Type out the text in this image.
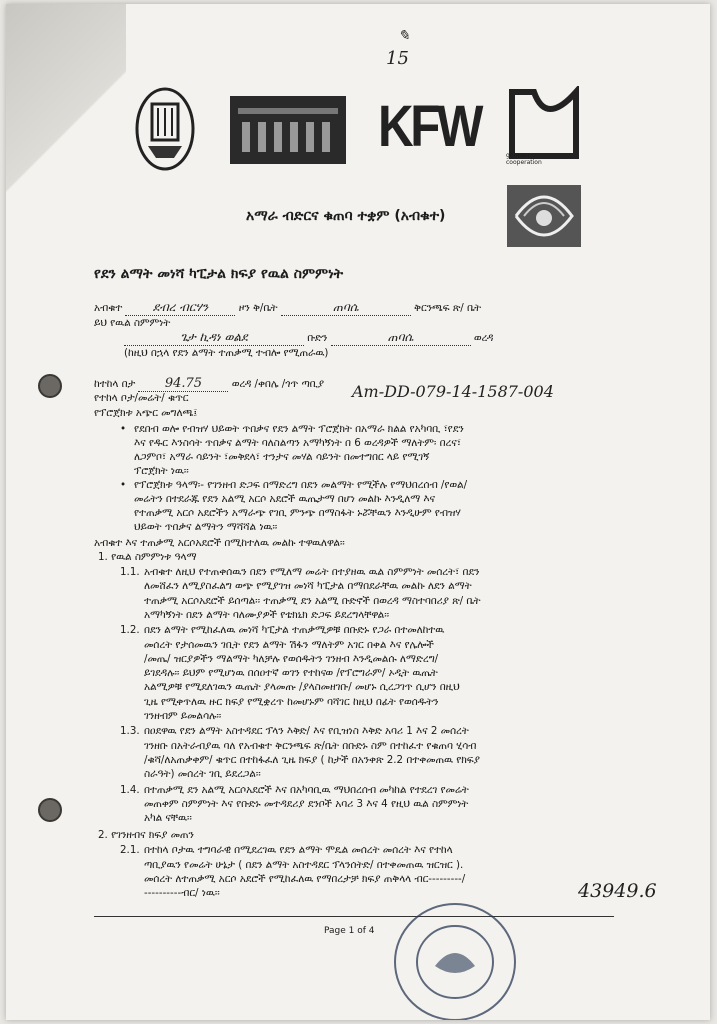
15
✎
KFW	german cooperation
አማራ ብድርና ቁጠባ ተቋም (አብቁተ)
የደን ልማት መነሻ ካፒታል ክፍያ የዉል ስምምነት
አብቁተ	ደብረ ብርሃን	ዞን ቅ/ቤት	ጠባሴ	ቅርንጫፍ ጽ/ ቤት
ይህ የዉል ስምምነት
ጌታ ኪዳነ ወልደ	ቡድን	ጠባሴ	ወረዳ
(ከዚህ በኋላ የደን ልማት ተጠቃሚ ተብሎ የሚጠራዉ)
ከተከላ በታ 94.75	ወረዳ /ቀበሌ /ጎጥ ጣቢያ
የተከላ ቦታ/መሬት/ ቁጥር	Am-DD-079-14-1587-004
የፕሮጀክቱ አጭር መግለጫ፤
• የደበብ ወሎ የብዝሃ ህይወት ጥበቃና የደን ልማት ፕሮጀክት በአማራ ክልል የአካባቢ ፣የደን
እና የዱር እንስሳት ጥበቃና ልማት ባለስልጣን አማካኝነት በ 6 ወረዳዎች ማለትም፡ በረና፣
ለጋምቦ፣ አማራ ሳይንት ፣መቅደላ፣ ተንታና መሃል ሳይንት በመተግበር ላይ የሚገኝ
ፕሮጀክት ነዉ፡፡
• የፕሮጀክቱ ዓላማ፡- የገንዘብ ድጋፍ በማድረግ በደን መልማት የሚችሉ የማህበረሰብ /የወል/
መሬትን በተደራጁ የደን አልሚ አርሶ አደሮች ዉጤታማ በሆነ መልኩ እንዲለማ እና
የተጠቃሚ አርሶ አደሮችን አማራጭ የገቢ ምንጭ በማስፋት ኑሯቸዉን እንዲሁም የብዝሃ
ህይወት ጥበቃና ልማትን ማሻሻል ነዉ፡፡
አብቁተ እና ተጠቃሚ አርሶአደሮች በሚከተለዉ መልኩ ተዋዉለዋል፡፡
1. የዉል ስምምነቱ ዓላማ
1.1. አብቁተ ለዚህ የተጠቀሰዉን በደን የሚለማ መሬት በተያዘዉ ዉል ስምምነት መሰረት፣ በደን
ለመሸፈን ለሚያስፈልግ ወጭ የሚያገዝ መነሻ ካፒታል በማበደራቸዉ መልኩ ለደን ልማት
ተጠቃሚ አርሶአደሮች ይሰጣል፡፡ ተጠቃሚ ደን አልሚ ቡድኖች በወረዳ ማስተባበሪያ ጽ/ ቤት
አማካኝነት በደን ልማት ባለሙያዎች የቴክኒክ ድጋፍ ይደረግላቸዋል፡፡
1.2. በደን ልማት የሚከፈለዉ መነሻ ካፒታል ተጠቃሚዎቹ በቡድኑ የጋራ በተመለከተዉ
መሰረት የታሰመዉን ገቢት የደን ልማት ሽፋን ማለትም አገር በቀል እና የሌሎች
/መጤ/ ዝርያዎችን ማልማት ካለቻሉ የወሰዱትን ገንዘብ እንዲመልሱ ለማድረግ/
ይገደዳሉ፡፡ ይህም የሚሆነዉ በሰዐተኛ ወገን የተከናወ /የፕሮግራም/ ኦዲት ዉጤት
አልሚዎቹ የሚደለገዉን ዉጤት ያላመጡ /ያላስመዘገቡ/ መሆኑ ሲረጋገጥ ሲሆን በዚህ
ጊዜ የሚቀጥለዉ ዙር ክፍያ የሚቋረጥ ከመሆኑም ባሻገር ከዚህ በፊት የወሰዱትን
ገንዘብም ይመልሳሉ፡፡
1.3. በዐደዋዉ የደን ልማት አስተዳደር ፕላን እቅድ/ እና የቢዝነስ እቅድ አባሪ 1 እና 2 መሰረት
ገንዘቡ በአትራብያዉ ባለ የአብቁተ ቅርንጫፍ ጽ/ቤት በቡድኑ ስም በተከፈተ የቁጠባ ሂሳብ
/ቁሻ/ለአጠቃቀም/ ቁጥር በተከፋፈለ ጊዜ ክፍያ ( ከታች በአንቀጽ 2.2 በተቀመጠዉ የክፍያ
ስራዓት) መሰረት ገቢ ይደረጋል፡፡
1.4. በተጠቃሚ ደን አልሚ አርሶአደሮች እና በአካባቢዉ ማህበረሰብ መካከል የተደረገ የመሬት
መጠቀም ስምምነት እና የቡድኑ መተዳደሪያ ደንቦች አባሪ 3 እና 4 የዚህ ዉል ስምምነት
አካል ናቸዉ፡፡
2. የገንዘብና ክፍያ መጠን
2.1. በተከላ ቦታዉ ተግባራዊ በሚደረገዉ የደን ልማት ሞዴል መሰረት መሰረት እና የተከላ
ጣቢያዉን የመሬት ሁኔታ ( በደን ልማት አስተዳደር ፕላንሰትድ/ በተቀመጠዉ ዝርዝር ).
መሰረት ለተጠቃሚ አርሶ አደሮች የሚከፈለዉ የማበረታቻ ክፍያ ጠቅላላ ብር---------/
----------ብር/ ነዉ፡፡	43949.6
Page 1 of 4
